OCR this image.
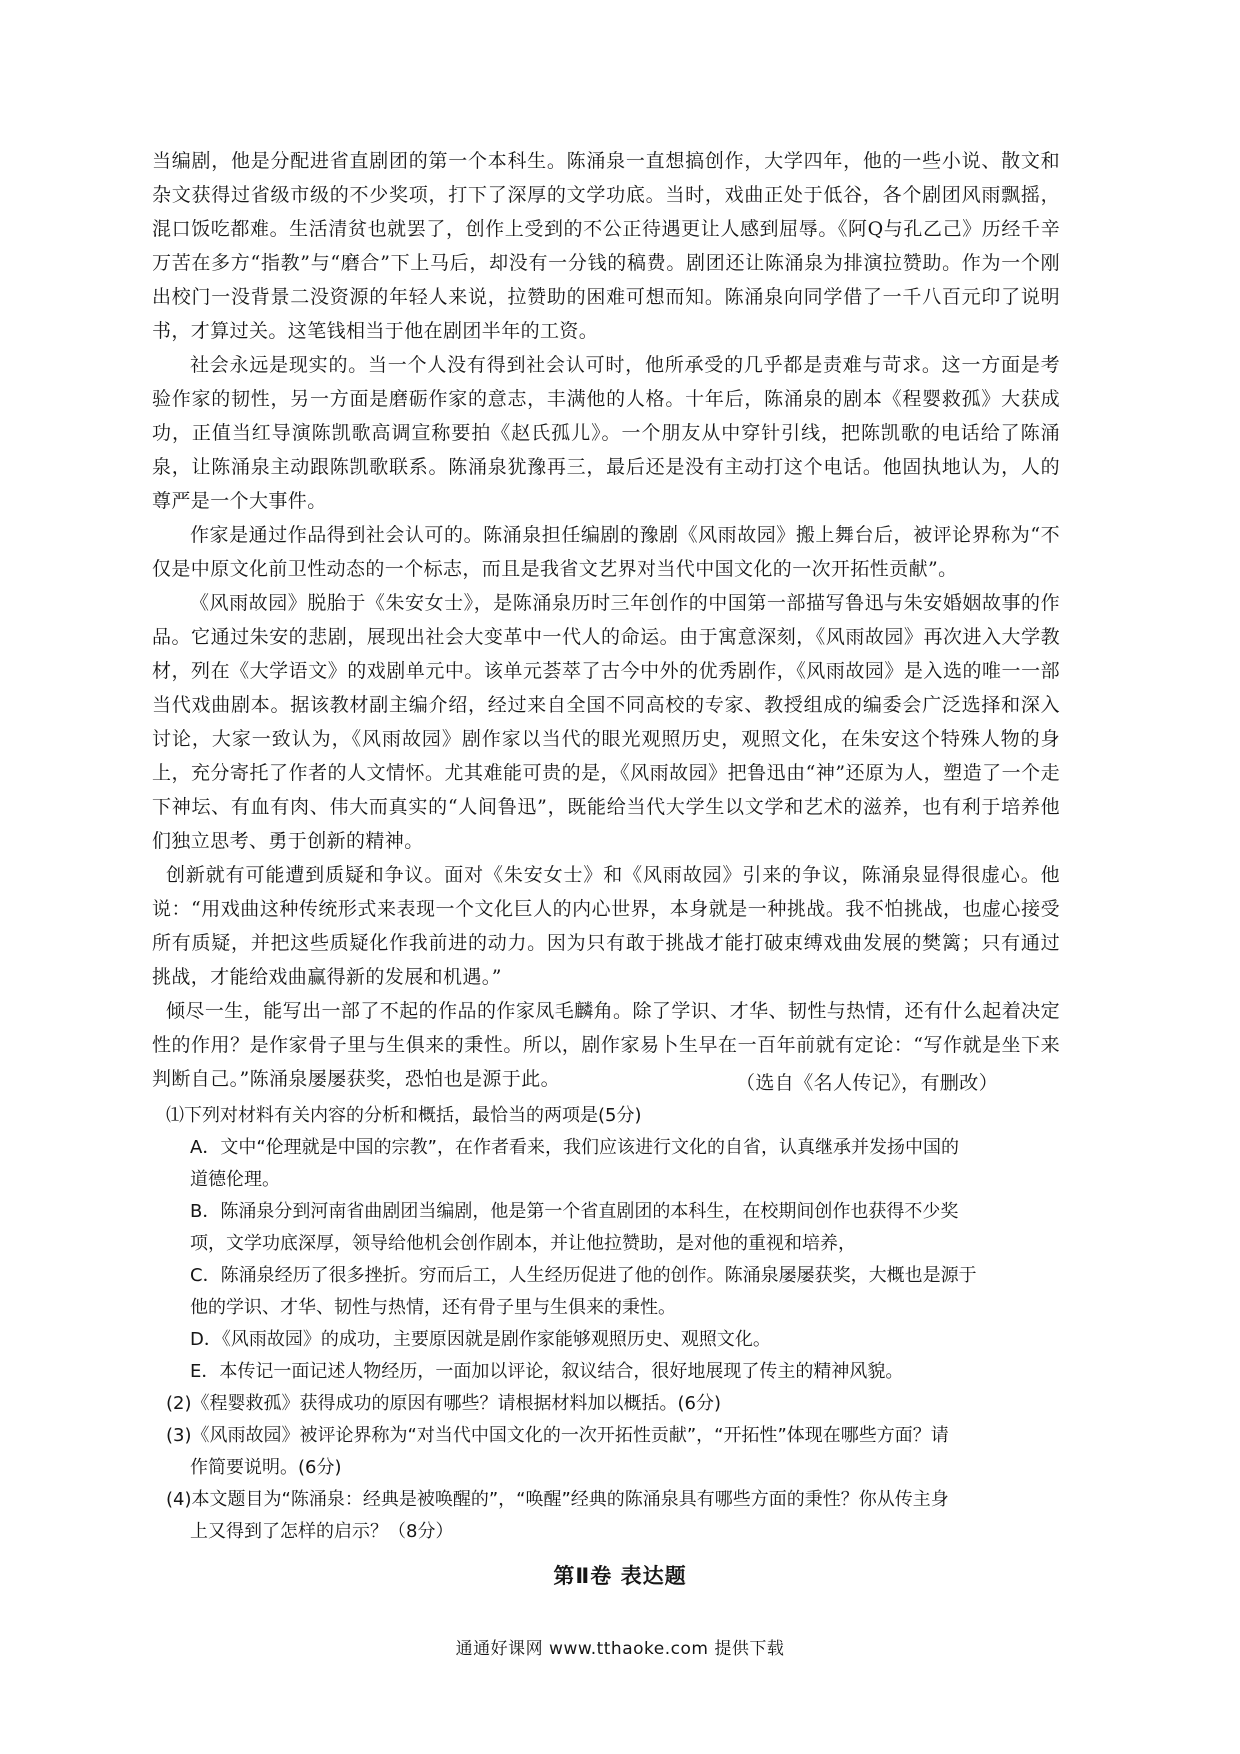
当编剧，他是分配进省直剧团的第一个本科生。陈涌泉一直想搞创作，大学四年，他的一些小说、散文和杂文获得过省级市级的不少奖项，打下了深厚的文学功底。当时，戏曲正处于低谷，各个剧团风雨飘摇，混口饭吃都难。生活清贫也就罢了，创作上受到的不公正待遇更让人感到屈辱。《阿Q与孔乙己》历经千辛万苦在多方“指教”与“磨合”下上马后，却没有一分钱的稿费。剧团还让陈涌泉为排演拉赞助。作为一个刚出校门一没背景二没资源的年轻人来说，拉赞助的困难可想而知。陈涌泉向同学借了一千八百元印了说明书，才算过关。这笔钱相当于他在剧团半年的工资。

社会永远是现实的。当一个人没有得到社会认可时，他所承受的几乎都是责难与苛求。这一方面是考验作家的韧性，另一方面是磨砺作家的意志，丰满他的人格。十年后，陈涌泉的剧本《程婴救孤》大获成功，正值当红导演陈凯歌高调宣称要拍《赵氏孤儿》。一个朋友从中穿针引线，把陈凯歌的电话给了陈涌泉，让陈涌泉主动跟陈凯歌联系。陈涌泉犹豫再三，最后还是没有主动打这个电话。他固执地认为，人的尊严是一个大事件。

作家是通过作品得到社会认可的。陈涌泉担任编剧的豫剧《风雨故园》搬上舞台后，被评论界称为“不仅是中原文化前卫性动态的一个标志，而且是我省文艺界对当代中国文化的一次开拓性贡献”。

《风雨故园》脱胎于《朱安女士》，是陈涌泉历时三年创作的中国第一部描写鲁迅与朱安婚姻故事的作品。它通过朱安的悲剧，展现出社会大变革中一代人的命运。由于寓意深刻，《风雨故园》再次进入大学教材，列在《大学语文》的戏剧单元中。该单元荟萃了古今中外的优秀剧作，《风雨故园》是入选的唯一一部当代戏曲剧本。据该教材副主编介绍，经过来自全国不同高校的专家、教授组成的编委会广泛选择和深入讨论，大家一致认为，《风雨故园》剧作家以当代的眼光观照历史，观照文化，在朱安这个特殊人物的身上，充分寄托了作者的人文情怀。尤其难能可贵的是，《风雨故园》把鲁迅由“神”还原为人，塑造了一个走下神坛、有血有肉、伟大而真实的“人间鲁迅”，既能给当代大学生以文学和艺术的滋养，也有利于培养他们独立思考、勇于创新的精神。

创新就有可能遭到质疑和争议。面对《朱安女士》和《风雨故园》引来的争议，陈涌泉显得很虚心。他说：“用戏曲这种传统形式来表现一个文化巨人的内心世界，本身就是一种挑战。我不怕挑战，也虚心接受所有质疑，并把这些质疑化作我前进的动力。因为只有敢于挑战才能打破束缚戏曲发展的樊篱；只有通过挑战，才能给戏曲赢得新的发展和机遇。”

倾尽一生，能写出一部了不起的作品的作家凤毛麟角。除了学识、才华、韧性与热情，还有什么起着决定性的作用？是作家骨子里与生俱来的秉性。所以，剧作家易卜生早在一百年前就有定论：“写作就是坐下来判断自己。”陈涌泉屡屡获奖，恐怕也是源于此。	（选自《名人传记》，有删改）

⑴下列对材料有关内容的分析和概括，最恰当的两项是(5分)

A．文中“伦理就是中国的宗教”，在作者看来，我们应该进行文化的自省，认真继承并发扬中国的

道德伦理。

B．陈涌泉分到河南省曲剧团当编剧，他是第一个省直剧团的本科生，在校期间创作也获得不少奖

项，文学功底深厚，领导给他机会创作剧本，并让他拉赞助，是对他的重视和培养，

C．陈涌泉经历了很多挫折。穷而后工，人生经历促进了他的创作。陈涌泉屡屡获奖，大概也是源于

他的学识、才华、韧性与热情，还有骨子里与生俱来的秉性。

D．《风雨故园》的成功，主要原因就是剧作家能够观照历史、观照文化。

E．本传记一面记述人物经历，一面加以评论，叙议结合，很好地展现了传主的精神风貌。

(2)《程婴救孤》获得成功的原因有哪些？请根据材料加以概括。(6分)

(3)《风雨故园》被评论界称为“对当代中国文化的一次开拓性贡献”，“开拓性”体现在哪些方面？请

作简要说明。(6分)

(4)本文题目为“陈涌泉：经典是被唤醒的”，“唤醒”经典的陈涌泉具有哪些方面的秉性？你从传主身

上又得到了怎样的启示？（8分）

第Ⅱ卷 表达题
通通好课网 www.tthaoke.com 提供下载
